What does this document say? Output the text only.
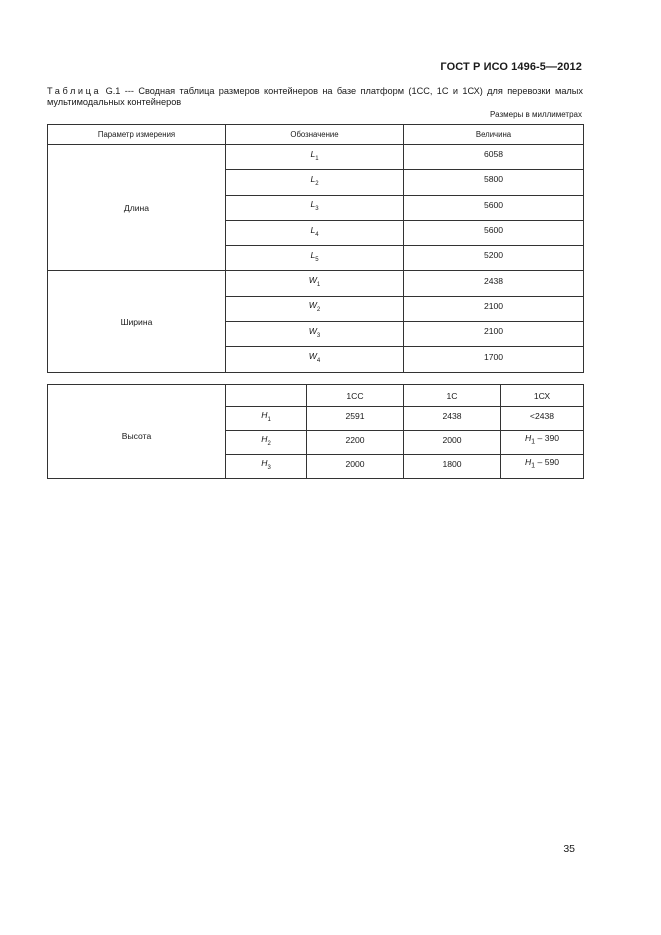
ГОСТ Р ИСО 1496-5—2012
Таблица G.1 --- Сводная таблица размеров контейнеров на базе платформ (1СС, 1С и 1СХ) для перевозки малых мультимодальных контейнеров
Размеры в миллиметрах
Параметр измерения	Обозначение	Величина
Длина	$L_1$	6058
	$L_2$	5800
	$L_3$	5600
	$L_4$	5600
	$L_5$	5200
Ширина	$W_1$	2438
	$W_2$	2100
	$W_3$	2100
	$W_4$	1700
Высота		1СС	1С	1СХ
	$H_1$	2591	2438	<2438
	$H_2$	2200	2000	$H_1 - 390$
	$H_3$	2000	1800	$H_1 - 590$
35
